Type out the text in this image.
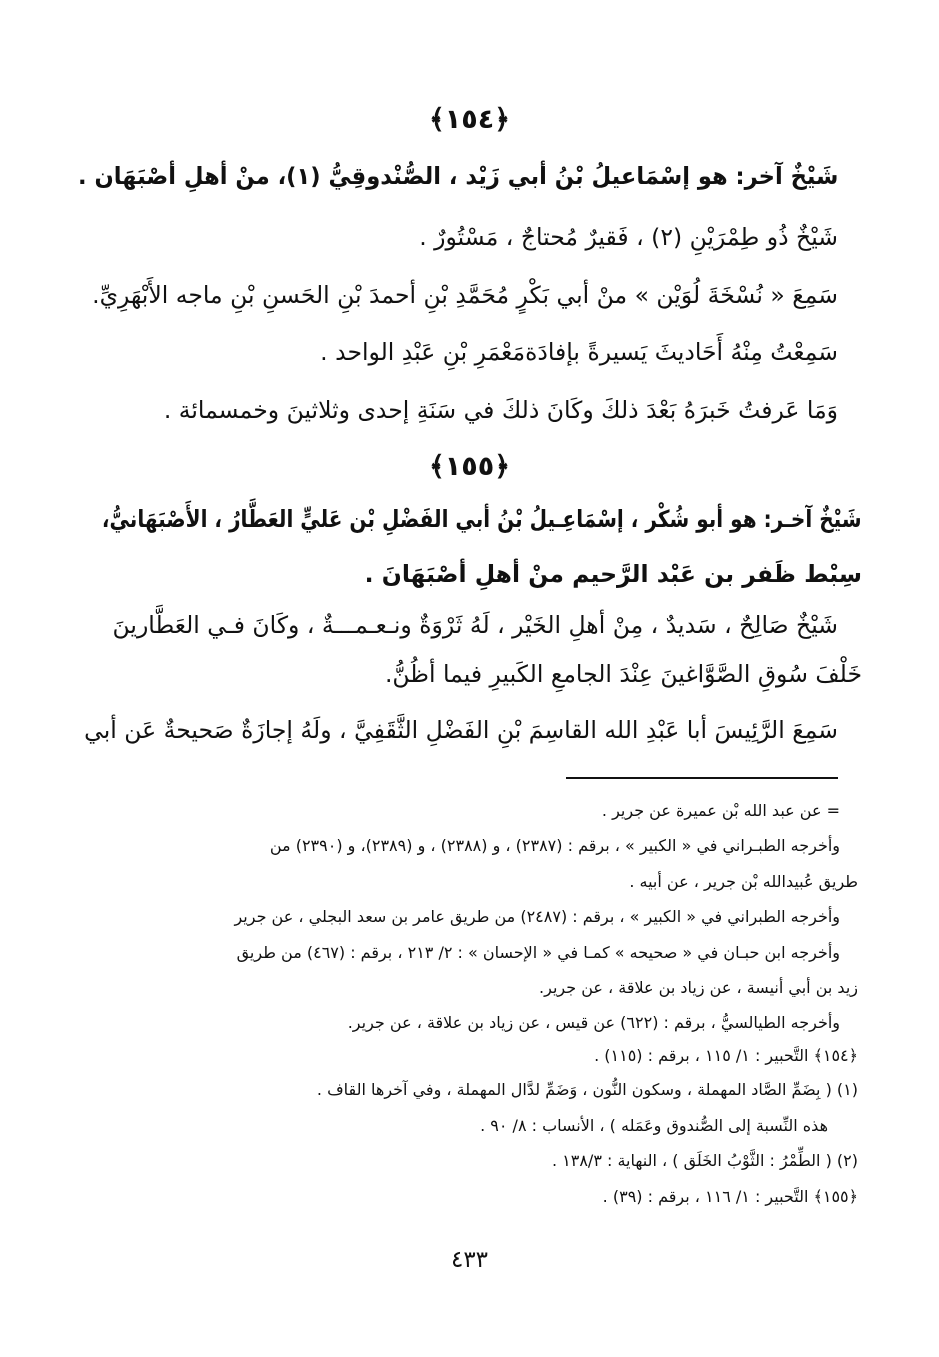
﴿١٥٤﴾
شَيْخٌ آخر: هو إسْمَاعيلُ بْنُ أبي زَيْد ، الصُّنْدوقِيُّ (١)، منْ أهلِ أصْبَهَان .
شَيْخٌ ذُو طِمْرَيْنِ (٢) ، فَقيرٌ مُحتاجٌ ، مَسْتُورٌ .
سَمِعَ « نُسْخَةَ لُوَيْن » منْ أبي بَكْرٍ مُحَمَّدِ بْنِ أحمدَ بْنِ الحَسنِ بْنِ ماجه الأَبْهَرِيِّ.
سَمِعْتُ مِنْهُ أَحَاديثَ يَسيرةً بإفادَةمَعْمَرِ بْنِ عَبْدِ الواحد .
وَمَا عَرفتُ خَبرَهُ بَعْدَ ذلكَ وكَانَ ذلكَ في سَنَةِ إحدى وثلاثينَ وخمسمائة .
﴿١٥٥﴾
شَيْخٌ آخـر: هو أبو شُكْر ، إسْمَاعِـيلُ بْنُ أبي الفَضْلِ بْن عَليٍّ العَطَّارُ ، الأَصْبَهَانيُّ،
سِبْط ظَفر بن عَبْد الرَّحيم منْ أهلِ أصْبَهَانَ .
شَيْخٌ صَالِحٌ ، سَديدٌ ، مِنْ أهلِ الخَيْر ، لَهُ ثَرْوَةٌ ونـعـمـــةٌ ، وكَانَ فـي العَطَّارينَ
خَلْفَ سُوقِ الصَّوَّاغينَ عِنْدَ الجامعِ الكَبيرِ فيما أظُنُّ.
سَمِعَ الرَّئِيسَ أبا عَبْدِ الله القاسِمَ بْنِ الفَضْلِ الثَّقَفِيَّ ، ولَهُ إجازَةٌ صَحيحةٌ عَن أبي
= عن عبد الله بْن عميرة عن جرير .
وأخرجه الطبـراني في « الكبير » ، برقم : (٢٣٨٧) ، و (٢٣٨٨) ، و (٢٣٨٩)، و (٢٣٩٠) من
طريق عُبيدالله بْن جرير ، عن أبيه .
وأخرجه الطبراني في « الكبير » ، برقم : (٢٤٨٧) من طريق عامر بن سعد البجلي ، عن جرير
وأخرجه ابن حبـان في « صحيحه » كمـا في « الإحسان » : ٢/ ٢١٣ ، برقم : (٤٦٧) من طريق
زيد بن أبي أنيسة ، عن زياد بن علاقة ، عن جرير.
وأخرجه الطيالسيُّ ، برقم : (٦٢٢) عن قيس ، عن زياد بن علاقة ، عن جرير.
﴿١٥٤﴾ التَّحبير : ١/ ١١٥ ، برقم : (١١٥) .
(١) ( بِضَمِّ الصَّاد المهملة ، وسكون النُّون ، وَضَمِّ لدَّال المهملة ، وفي آخرها القاف .
هذه النِّسبة إلى الصُّندوق وعَمَله ) ، الأنساب : ٨/ ٩٠ .
(٢) ( الطِّمْرُ : الثَّوْبُ الخَلَق ) ، النهاية : ١٣٨/٣ .
﴿١٥٥﴾ التَّحبير : ١/ ١١٦ ، برقم : (٣٩) .
٤٣٣
